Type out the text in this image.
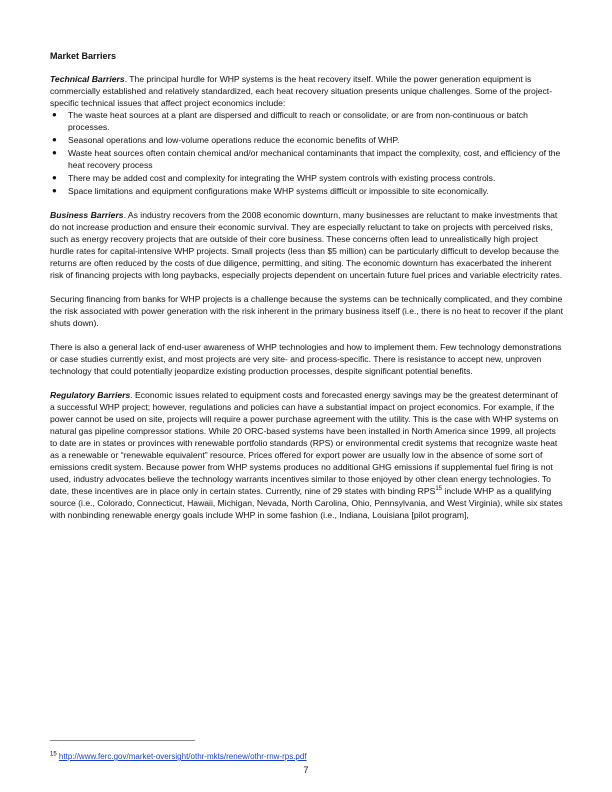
Market Barriers

Technical Barriers. The principal hurdle for WHP systems is the heat recovery itself. While the power generation equipment is commercially established and relatively standardized, each heat recovery situation presents unique challenges. Some of the project-specific technical issues that affect project economics include:

● The waste heat sources at a plant are dispersed and difficult to reach or consolidate, or are from non-continuous or batch processes.
● Seasonal operations and low-volume operations reduce the economic benefits of WHP.
● Waste heat sources often contain chemical and/or mechanical contaminants that impact the complexity, cost, and efficiency of the heat recovery process
● There may be added cost and complexity for integrating the WHP system controls with existing process controls.
● Space limitations and equipment configurations make WHP systems difficult or impossible to site economically.

Business Barriers. As industry recovers from the 2008 economic downturn, many businesses are reluctant to make investments that do not increase production and ensure their economic survival. They are especially reluctant to take on projects with perceived risks, such as energy recovery projects that are outside of their core business. These concerns often lead to unrealistically high project hurdle rates for capital-intensive WHP projects. Small projects (less than $5 million) can be particularly difficult to develop because the returns are often reduced by the costs of due diligence, permitting, and siting. The economic downturn has exacerbated the inherent risk of financing projects with long paybacks, especially projects dependent on uncertain future fuel prices and variable electricity rates.

Securing financing from banks for WHP projects is a challenge because the systems can be technically complicated, and they combine the risk associated with power generation with the risk inherent in the primary business itself (i.e., there is no heat to recover if the plant shuts down).

There is also a general lack of end-user awareness of WHP technologies and how to implement them. Few technology demonstrations or case studies currently exist, and most projects are very site- and process-specific. There is resistance to accept new, unproven technology that could potentially jeopardize existing production processes, despite significant potential benefits.

Regulatory Barriers. Economic issues related to equipment costs and forecasted energy savings may be the greatest determinant of a successful WHP project; however, regulations and policies can have a substantial impact on project economics. For example, if the power cannot be used on site, projects will require a power purchase agreement with the utility. This is the case with WHP systems on natural gas pipeline compressor stations. While 20 ORC-based systems have been installed in North America since 1999, all projects to date are in states or provinces with renewable portfolio standards (RPS) or environmental credit systems that recognize waste heat as a renewable or “renewable equivalent” resource. Prices offered for export power are usually low in the absence of some sort of emissions credit system. Because power from WHP systems produces no additional GHG emissions if supplemental fuel firing is not used, industry advocates believe the technology warrants incentives similar to those enjoyed by other clean energy technologies. To date, these incentives are in place only in certain states. Currently, nine of 29 states with binding RPS$^{15}$ include WHP as a qualifying source (i.e., Colorado, Connecticut, Hawaii, Michigan, Nevada, North Carolina, Ohio, Pennsylvania, and West Virginia), while six states with nonbinding renewable energy goals include WHP in some fashion (i.e., Indiana, Louisiana [pilot program],

$^{15}$ http://www.ferc.gov/market-oversight/othr-mkts/renew/othr-rnw-rps.pdf
7
